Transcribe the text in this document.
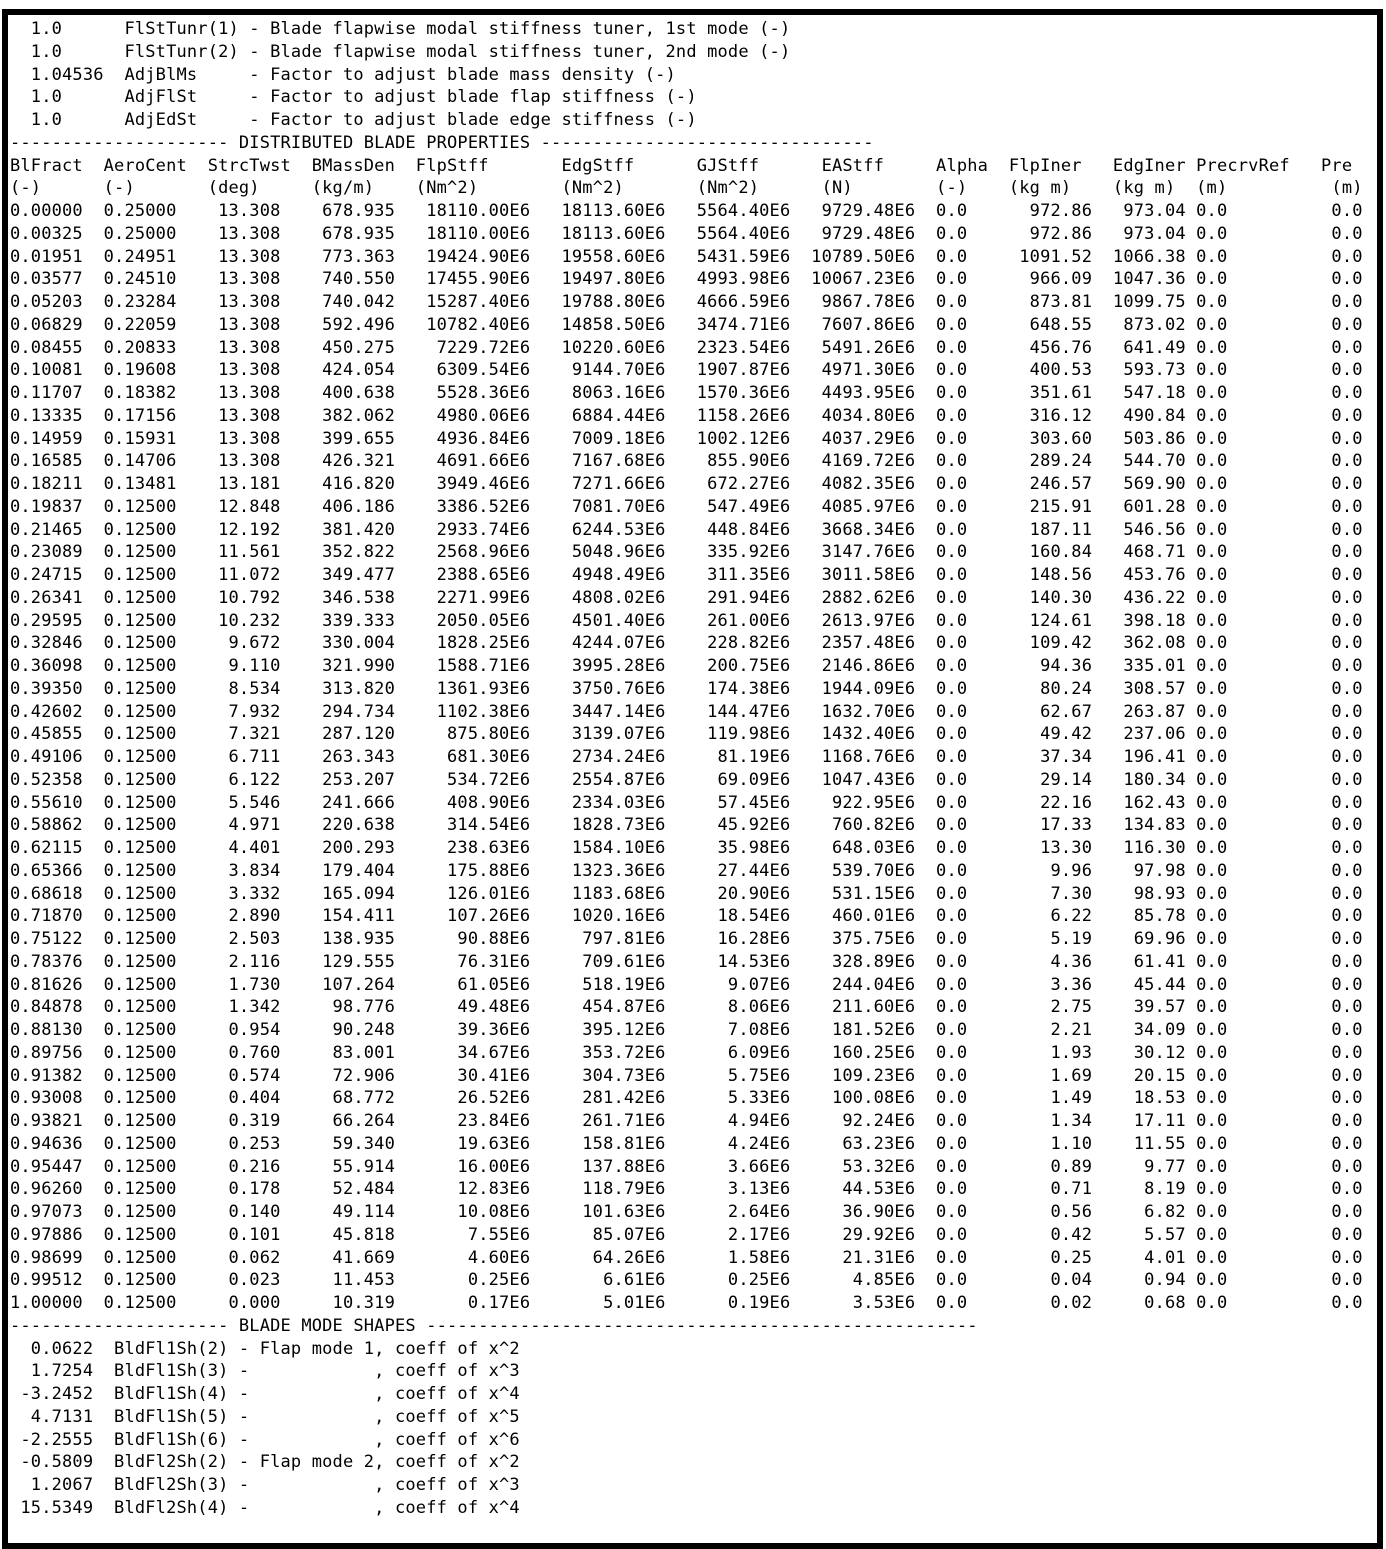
1.0      FlStTunr(1) - Blade flapwise modal stiffness tuner, 1st mode (-)
1.0      FlStTunr(2) - Blade flapwise modal stiffness tuner, 2nd mode (-)
1.04536  AdjBlMs     - Factor to adjust blade mass density (-)
1.0      AdjFlSt     - Factor to adjust blade flap stiffness (-)
1.0      AdjEdSt     - Factor to adjust blade edge stiffness (-)
--------------------- DISTRIBUTED BLADE PROPERTIES --------------------------------
BlFract  AeroCent  StrcTwst  BMassDen  FlpStff       EdgStff      GJStff      EAStff     Alpha  FlpIner   EdgIner PrecrvRef   Pre
(-)      (-)       (deg)     (kg/m)    (Nm^2)        (Nm^2)       (Nm^2)      (N)        (-)    (kg m)    (kg m)  (m)          (m)
0.00000  0.25000    13.308    678.935   18110.00E6   18113.60E6   5564.40E6   9729.48E6  0.0      972.86   973.04 0.0          0.0
0.00325  0.25000    13.308    678.935   18110.00E6   18113.60E6   5564.40E6   9729.48E6  0.0      972.86   973.04 0.0          0.0
0.01951  0.24951    13.308    773.363   19424.90E6   19558.60E6   5431.59E6  10789.50E6  0.0     1091.52  1066.38 0.0          0.0
0.03577  0.24510    13.308    740.550   17455.90E6   19497.80E6   4993.98E6  10067.23E6  0.0      966.09  1047.36 0.0          0.0
0.05203  0.23284    13.308    740.042   15287.40E6   19788.80E6   4666.59E6   9867.78E6  0.0      873.81  1099.75 0.0          0.0
0.06829  0.22059    13.308    592.496   10782.40E6   14858.50E6   3474.71E6   7607.86E6  0.0      648.55   873.02 0.0          0.0
0.08455  0.20833    13.308    450.275    7229.72E6   10220.60E6   2323.54E6   5491.26E6  0.0      456.76   641.49 0.0          0.0
0.10081  0.19608    13.308    424.054    6309.54E6    9144.70E6   1907.87E6   4971.30E6  0.0      400.53   593.73 0.0          0.0
0.11707  0.18382    13.308    400.638    5528.36E6    8063.16E6   1570.36E6   4493.95E6  0.0      351.61   547.18 0.0          0.0
0.13335  0.17156    13.308    382.062    4980.06E6    6884.44E6   1158.26E6   4034.80E6  0.0      316.12   490.84 0.0          0.0
0.14959  0.15931    13.308    399.655    4936.84E6    7009.18E6   1002.12E6   4037.29E6  0.0      303.60   503.86 0.0          0.0
0.16585  0.14706    13.308    426.321    4691.66E6    7167.68E6    855.90E6   4169.72E6  0.0      289.24   544.70 0.0          0.0
0.18211  0.13481    13.181    416.820    3949.46E6    7271.66E6    672.27E6   4082.35E6  0.0      246.57   569.90 0.0          0.0
0.19837  0.12500    12.848    406.186    3386.52E6    7081.70E6    547.49E6   4085.97E6  0.0      215.91   601.28 0.0          0.0
0.21465  0.12500    12.192    381.420    2933.74E6    6244.53E6    448.84E6   3668.34E6  0.0      187.11   546.56 0.0          0.0
0.23089  0.12500    11.561    352.822    2568.96E6    5048.96E6    335.92E6   3147.76E6  0.0      160.84   468.71 0.0          0.0
0.24715  0.12500    11.072    349.477    2388.65E6    4948.49E6    311.35E6   3011.58E6  0.0      148.56   453.76 0.0          0.0
0.26341  0.12500    10.792    346.538    2271.99E6    4808.02E6    291.94E6   2882.62E6  0.0      140.30   436.22 0.0          0.0
0.29595  0.12500    10.232    339.333    2050.05E6    4501.40E6    261.00E6   2613.97E6  0.0      124.61   398.18 0.0          0.0
0.32846  0.12500     9.672    330.004    1828.25E6    4244.07E6    228.82E6   2357.48E6  0.0      109.42   362.08 0.0          0.0
0.36098  0.12500     9.110    321.990    1588.71E6    3995.28E6    200.75E6   2146.86E6  0.0       94.36   335.01 0.0          0.0
0.39350  0.12500     8.534    313.820    1361.93E6    3750.76E6    174.38E6   1944.09E6  0.0       80.24   308.57 0.0          0.0
0.42602  0.12500     7.932    294.734    1102.38E6    3447.14E6    144.47E6   1632.70E6  0.0       62.67   263.87 0.0          0.0
0.45855  0.12500     7.321    287.120     875.80E6    3139.07E6    119.98E6   1432.40E6  0.0       49.42   237.06 0.0          0.0
0.49106  0.12500     6.711    263.343     681.30E6    2734.24E6     81.19E6   1168.76E6  0.0       37.34   196.41 0.0          0.0
0.52358  0.12500     6.122    253.207     534.72E6    2554.87E6     69.09E6   1047.43E6  0.0       29.14   180.34 0.0          0.0
0.55610  0.12500     5.546    241.666     408.90E6    2334.03E6     57.45E6    922.95E6  0.0       22.16   162.43 0.0          0.0
0.58862  0.12500     4.971    220.638     314.54E6    1828.73E6     45.92E6    760.82E6  0.0       17.33   134.83 0.0          0.0
0.62115  0.12500     4.401    200.293     238.63E6    1584.10E6     35.98E6    648.03E6  0.0       13.30   116.30 0.0          0.0
0.65366  0.12500     3.834    179.404     175.88E6    1323.36E6     27.44E6    539.70E6  0.0        9.96    97.98 0.0          0.0
0.68618  0.12500     3.332    165.094     126.01E6    1183.68E6     20.90E6    531.15E6  0.0        7.30    98.93 0.0          0.0
0.71870  0.12500     2.890    154.411     107.26E6    1020.16E6     18.54E6    460.01E6  0.0        6.22    85.78 0.0          0.0
0.75122  0.12500     2.503    138.935      90.88E6     797.81E6     16.28E6    375.75E6  0.0        5.19    69.96 0.0          0.0
0.78376  0.12500     2.116    129.555      76.31E6     709.61E6     14.53E6    328.89E6  0.0        4.36    61.41 0.0          0.0
0.81626  0.12500     1.730    107.264      61.05E6     518.19E6      9.07E6    244.04E6  0.0        3.36    45.44 0.0          0.0
0.84878  0.12500     1.342     98.776      49.48E6     454.87E6      8.06E6    211.60E6  0.0        2.75    39.57 0.0          0.0
0.88130  0.12500     0.954     90.248      39.36E6     395.12E6      7.08E6    181.52E6  0.0        2.21    34.09 0.0          0.0
0.89756  0.12500     0.760     83.001      34.67E6     353.72E6      6.09E6    160.25E6  0.0        1.93    30.12 0.0          0.0
0.91382  0.12500     0.574     72.906      30.41E6     304.73E6      5.75E6    109.23E6  0.0        1.69    20.15 0.0          0.0
0.93008  0.12500     0.404     68.772      26.52E6     281.42E6      5.33E6    100.08E6  0.0        1.49    18.53 0.0          0.0
0.93821  0.12500     0.319     66.264      23.84E6     261.71E6      4.94E6     92.24E6  0.0        1.34    17.11 0.0          0.0
0.94636  0.12500     0.253     59.340      19.63E6     158.81E6      4.24E6     63.23E6  0.0        1.10    11.55 0.0          0.0
0.95447  0.12500     0.216     55.914      16.00E6     137.88E6      3.66E6     53.32E6  0.0        0.89     9.77 0.0          0.0
0.96260  0.12500     0.178     52.484      12.83E6     118.79E6      3.13E6     44.53E6  0.0        0.71     8.19 0.0          0.0
0.97073  0.12500     0.140     49.114      10.08E6     101.63E6      2.64E6     36.90E6  0.0        0.56     6.82 0.0          0.0
0.97886  0.12500     0.101     45.818       7.55E6      85.07E6      2.17E6     29.92E6  0.0        0.42     5.57 0.0          0.0
0.98699  0.12500     0.062     41.669       4.60E6      64.26E6      1.58E6     21.31E6  0.0        0.25     4.01 0.0          0.0
0.99512  0.12500     0.023     11.453       0.25E6       6.61E6      0.25E6      4.85E6  0.0        0.04     0.94 0.0          0.0
1.00000  0.12500     0.000     10.319       0.17E6       5.01E6      0.19E6      3.53E6  0.0        0.02     0.68 0.0          0.0
--------------------- BLADE MODE SHAPES -----------------------------------------------------
0.0622  BldFl1Sh(2) - Flap mode 1, coeff of x^2
1.7254  BldFl1Sh(3) -            , coeff of x^3
-3.2452  BldFl1Sh(4) -            , coeff of x^4
4.7131  BldFl1Sh(5) -            , coeff of x^5
-2.2555  BldFl1Sh(6) -            , coeff of x^6
-0.5809  BldFl2Sh(2) - Flap mode 2, coeff of x^2
1.2067  BldFl2Sh(3) -            , coeff of x^3
15.5349  BldFl2Sh(4) -            , coeff of x^4
